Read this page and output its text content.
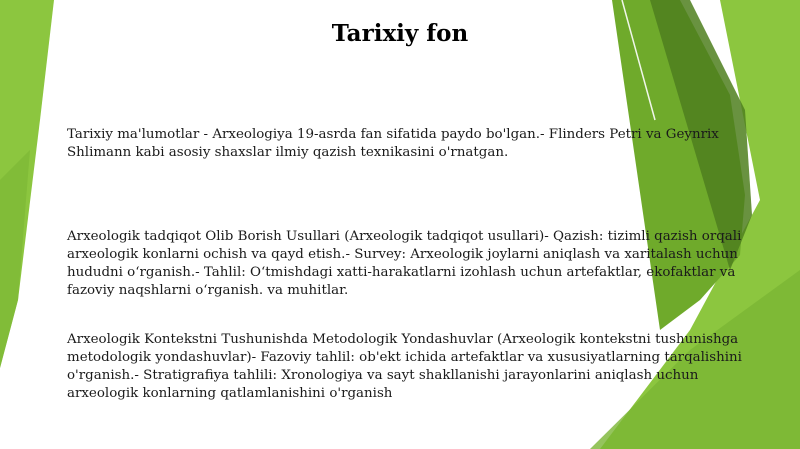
Tarixiy fon

Tarixiy ma'lumotlar - Arxeologiya 19-asrda fan sifatida paydo bo'lgan.- Flinders Petri va Geynrix Shlimann kabi asosiy shaxslar ilmiy qazish texnikasini o'rnatgan.

Arxeologik tadqiqot Olib Borish Usullari (Arxeologik tadqiqot usullari)- Qazish: tizimli qazish orqali arxeologik konlarni ochish va qayd etish.- Survey: Arxeologik joylarni aniqlash va xaritalash uchun hududni o‘rganish.- Tahlil: O‘tmishdagi xatti-harakatlarni izohlash uchun artefaktlar, ekofaktlar va fazoviy naqshlarni o‘rganish. va muhitlar.

Arxeologik Kontekstni Tushunishda Metodologik Yondashuvlar (Arxeologik kontekstni tushunishga metodologik yondashuvlar)- Fazoviy tahlil: ob'ekt ichida artefaktlar va xususiyatlarning tarqalishini o'rganish.- Stratigrafiya tahlili: Xronologiya va sayt shakllanishi jarayonlarini aniqlash uchun arxeologik konlarning qatlamlanishini o'rganish
